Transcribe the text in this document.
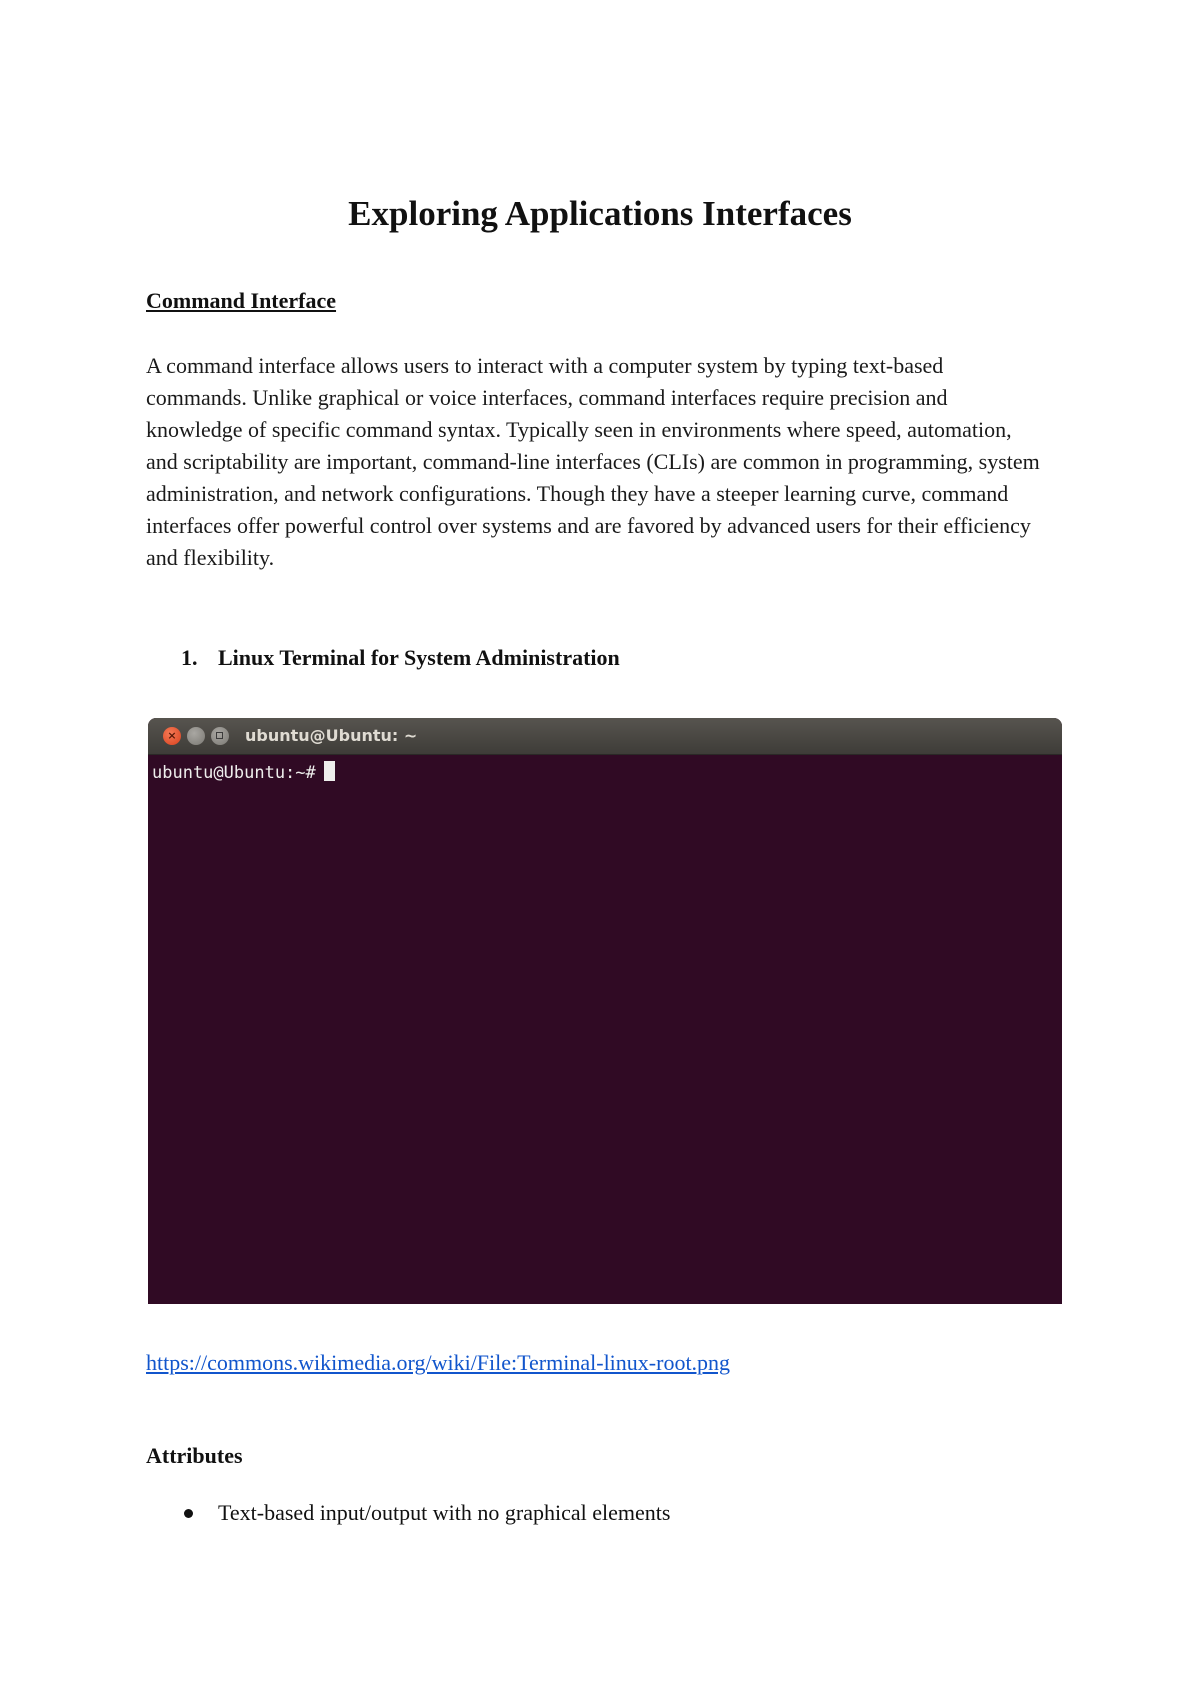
Exploring Applications Interfaces
Command Interface

A command interface allows users to interact with a computer system by typing text-based commands. Unlike graphical or voice interfaces, command interfaces require precision and knowledge of specific command syntax. Typically seen in environments where speed, automation, and scriptability are important, command-line interfaces (CLIs) are common in programming, system administration, and network configurations. Though they have a steeper learning curve, command interfaces offer powerful control over systems and are favored by advanced users for their efficiency and flexibility.

1. Linux Terminal for System Administration
×	ubuntu@Ubuntu: ~
ubuntu@Ubuntu:~#
https://commons.wikimedia.org/wiki/File:Terminal-linux-root.png
Attributes
Text-based input/output with no graphical elements
